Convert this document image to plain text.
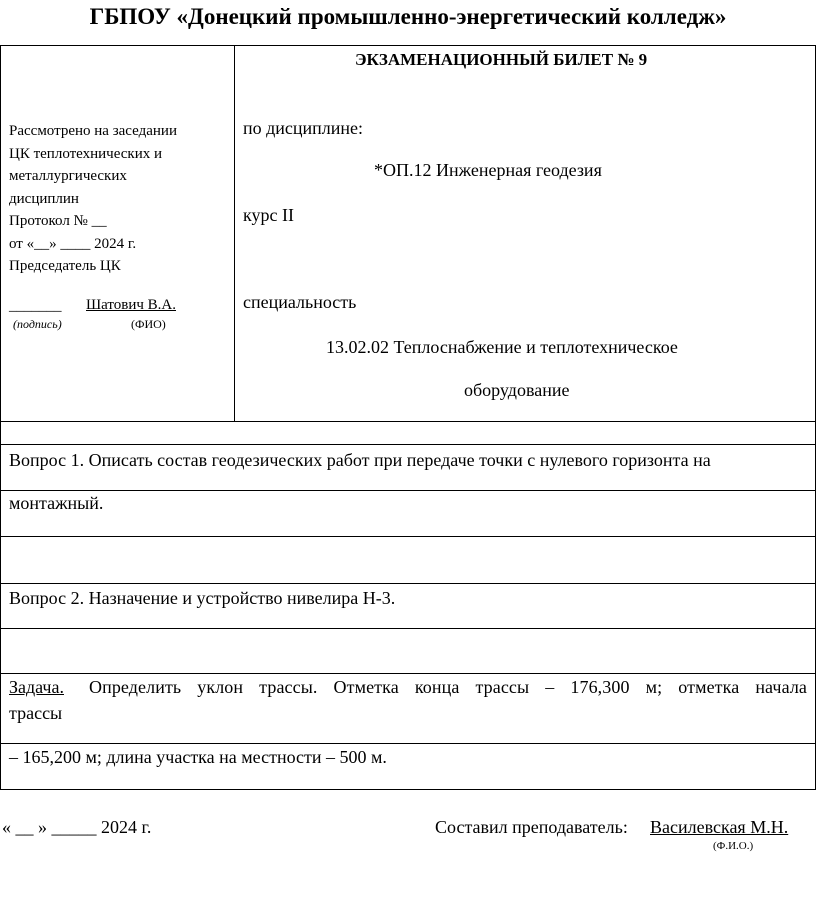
ГБПОУ «Донецкий промышленно-энергетический колледж»
Рассмотрено на заседании
ЦК теплотехнических и
металлургических
дисциплин
Протокол № __
от «__» ____ 2024 г.
Председатель ЦК
_______ Шатович В.А.
(подпись)	(ФИО)
ЭКЗАМЕНАЦИОННЫЙ БИЛЕТ № 9
по дисциплине:
*ОП.12 Инженерная геодезия
курс II
специальность
13.02.02 Теплоснабжение и теплотехническое
оборудование
Вопрос 1. Описать состав геодезических работ при передаче точки с нулевого горизонта на
монтажный.
Вопрос 2. Назначение и устройство нивелира Н-3.
Задача. Определить уклон трассы. Отметка конца трассы – 176,300 м; отметка начала
трассы
– 165,200 м; длина участка на местности – 500 м.
« __ » _____ 2024 г.	Составил преподаватель: Василевская М.Н.
(Ф.И.О.)
